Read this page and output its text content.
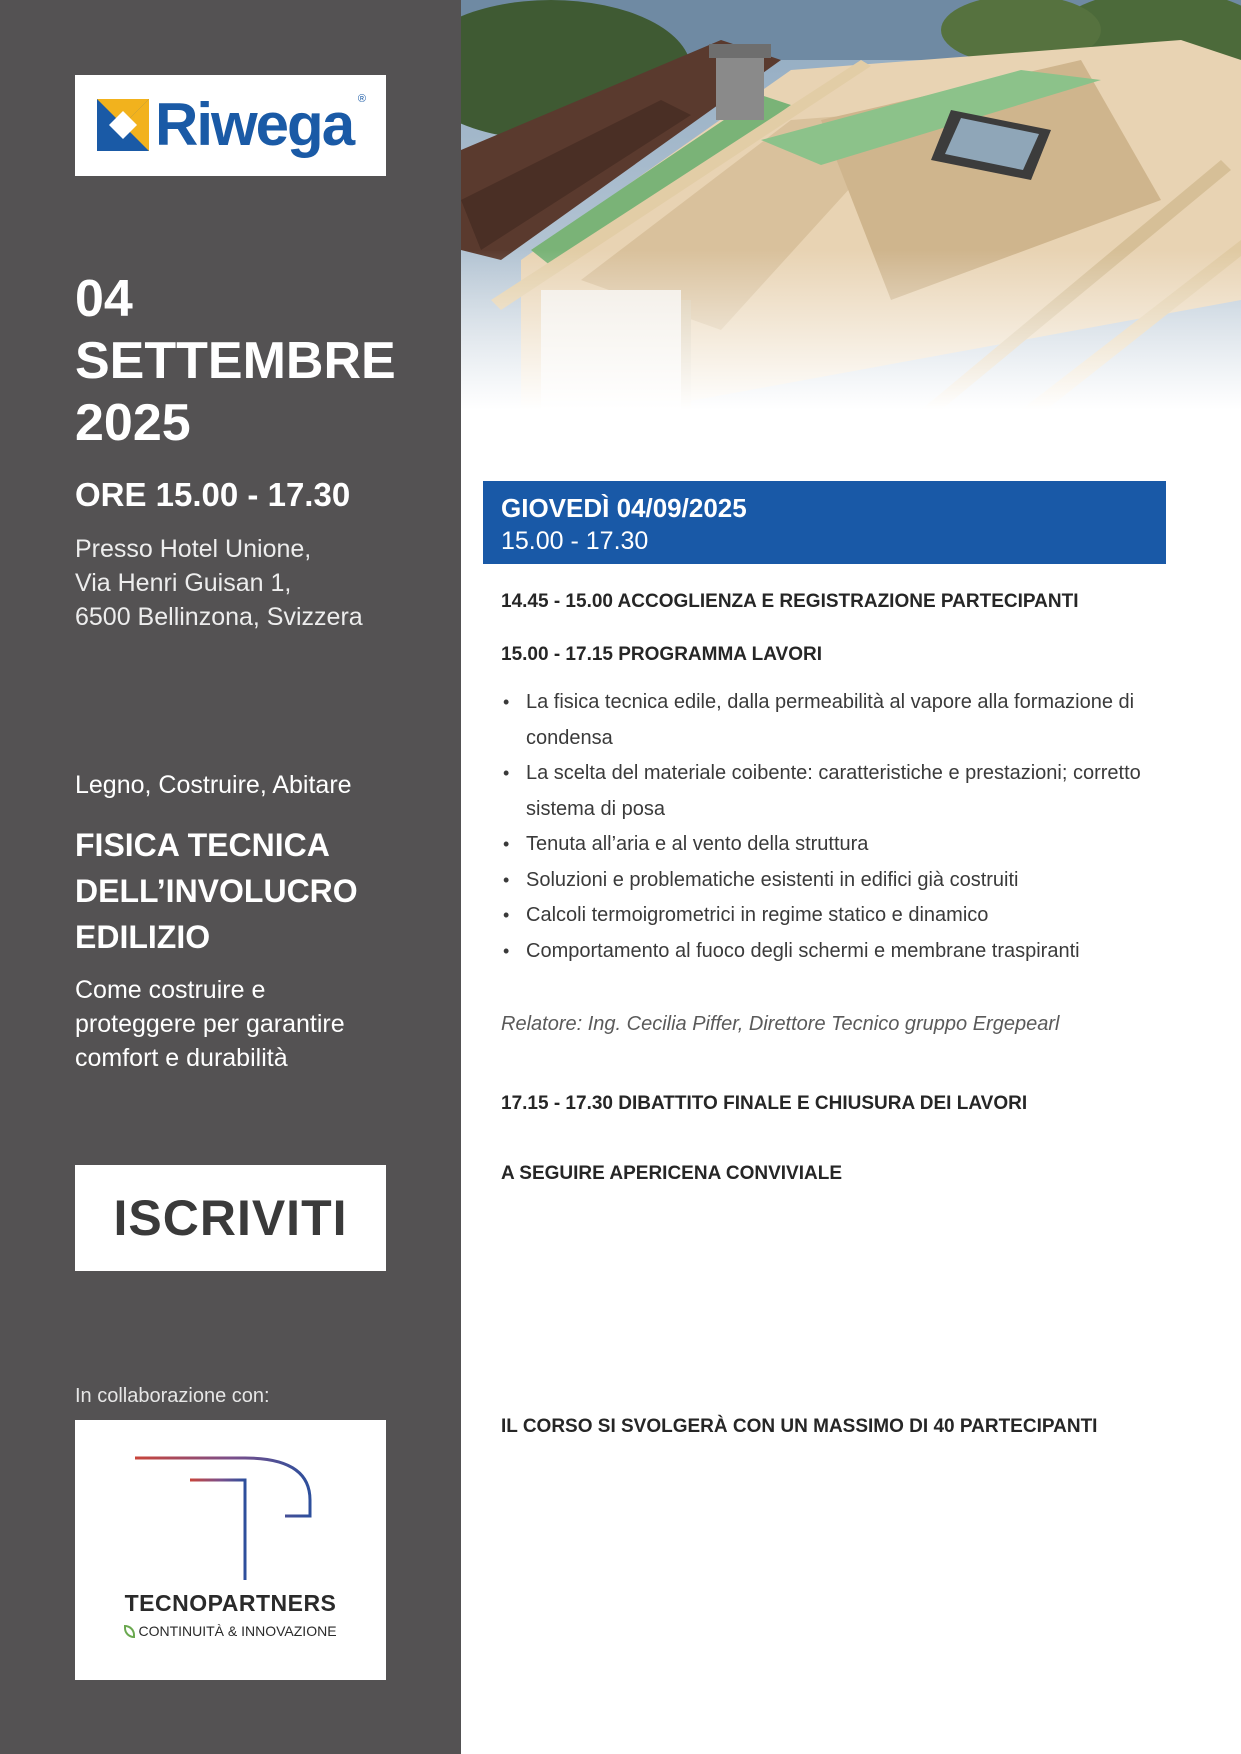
Riwega ®
04
SETTEMBRE
2025
ORE 15.00 - 17.30
Presso Hotel Unione,
Via Henri Guisan 1,
6500 Bellinzona, Svizzera
Legno, Costruire, Abitare
FISICA TECNICA
DELL’INVOLUCRO
EDILIZIO
Come costruire e
proteggere per garantire
comfort e durabilità
ISCRIVITI
In collaborazione con:
TECNOPARTNERS
CONTINUITÀ & INNOVAZIONE
GIOVEDÌ 04/09/2025
15.00 - 17.30
14.45 - 15.00 ACCOGLIENZA E REGISTRAZIONE PARTECIPANTI
15.00 - 17.15 PROGRAMMA LAVORI
• La fisica tecnica edile, dalla permeabilità al vapore alla formazione di condensa
• La scelta del materiale coibente: caratteristiche e prestazioni; corretto sistema di posa
• Tenuta all’aria e al vento della struttura
• Soluzioni e problematiche esistenti in edifici già costruiti
• Calcoli termoigrometrici in regime statico e dinamico
• Comportamento al fuoco degli schermi e membrane traspiranti
Relatore: Ing. Cecilia Piffer, Direttore Tecnico gruppo Ergepearl
17.15 - 17.30 DIBATTITO FINALE E CHIUSURA DEI LAVORI
A SEGUIRE APERICENA CONVIVIALE
IL CORSO SI SVOLGERÀ CON UN MASSIMO DI 40 PARTECIPANTI
